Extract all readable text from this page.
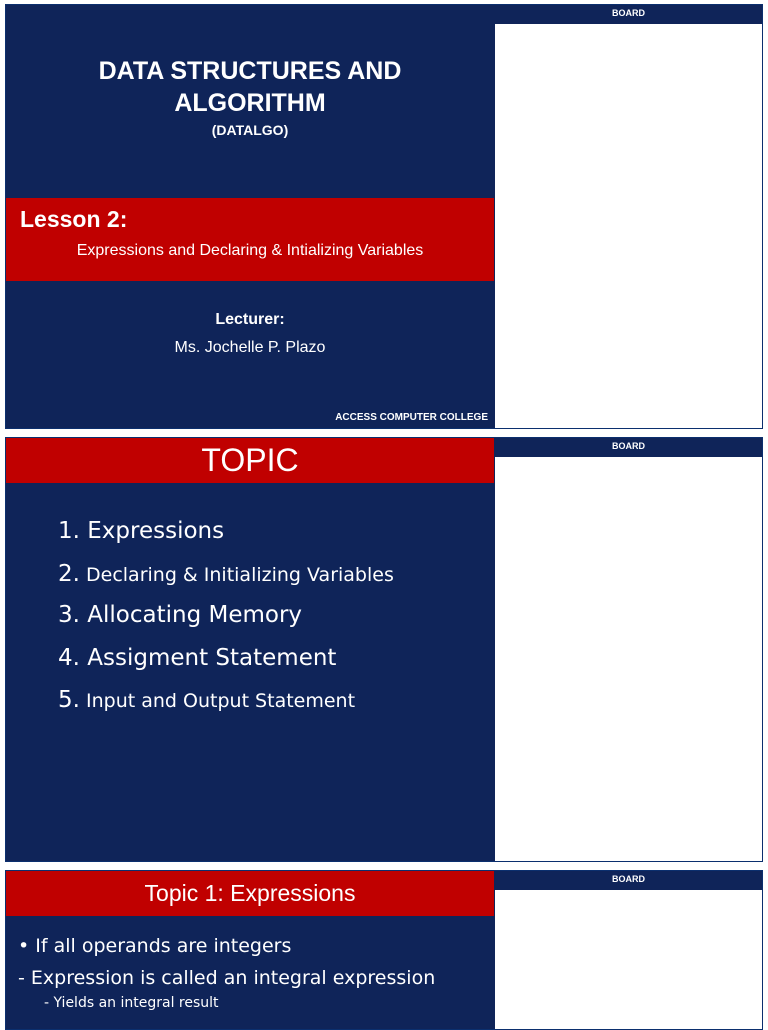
DATA STRUCTURES AND
ALGORITHM
(DATALGO)
Lesson 2:
Expressions and Declaring & Intializing Variables
Lecturer:
Ms. Jochelle P. Plazo
ACCESS COMPUTER COLLEGE
BOARD
TOPIC
1. Expressions
2. Declaring & Initializing Variables
3. Allocating Memory
4. Assigment Statement
5. Input and Output Statement
BOARD
Topic 1: Expressions
• If all operands are integers
- Expression is called an integral expression
- Yields an integral result
BOARD
